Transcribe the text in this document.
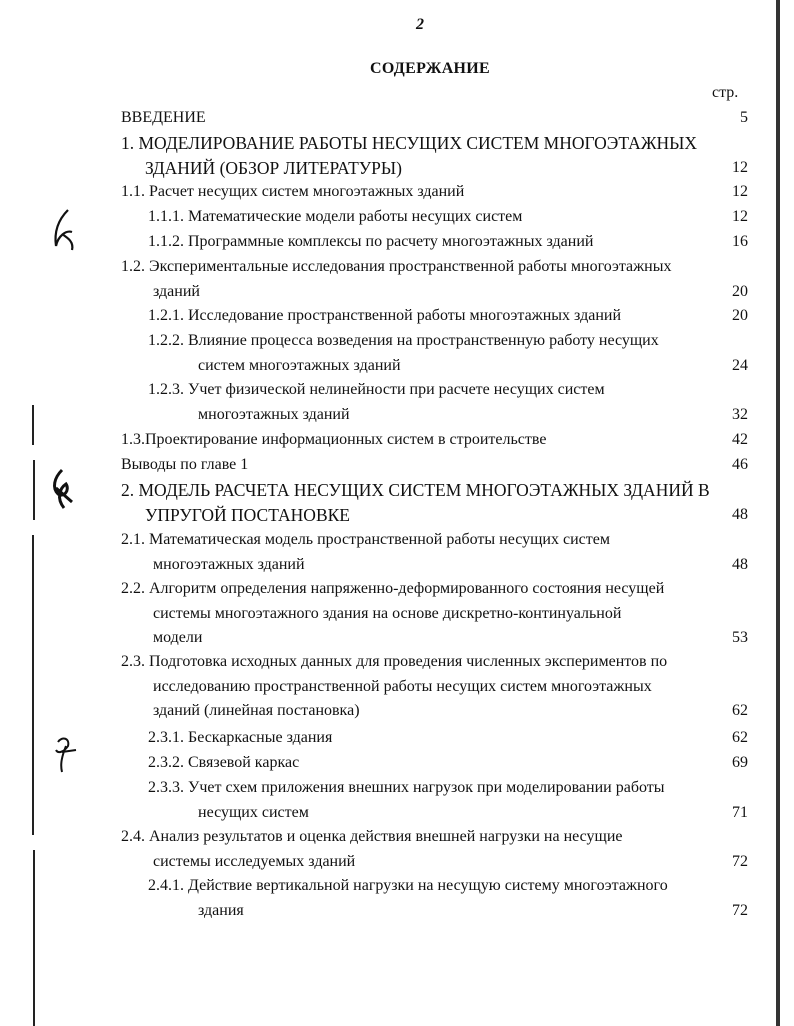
2
СОДЕРЖАНИЕ
стр.
ВВЕДЕНИЕ	5
1. МОДЕЛИРОВАНИЕ РАБОТЫ НЕСУЩИХ СИСТЕМ МНОГОЭТАЖНЫХ
ЗДАНИЙ (ОБЗОР ЛИТЕРАТУРЫ)	12
1.1. Расчет несущих систем многоэтажных зданий	12
1.1.1. Математические модели работы несущих систем	12
1.1.2. Программные комплексы по расчету многоэтажных зданий	16
1.2. Экспериментальные исследования пространственной работы многоэтажных
зданий	20
1.2.1. Исследование пространственной работы многоэтажных зданий	20
1.2.2. Влияние процесса возведения на пространственную работу несущих
систем многоэтажных зданий	24
1.2.3. Учет физической нелинейности при расчете несущих систем
многоэтажных зданий	32
1.3.Проектирование информационных систем в строительстве	42
Выводы по главе 1	46
2. МОДЕЛЬ РАСЧЕТА НЕСУЩИХ СИСТЕМ МНОГОЭТАЖНЫХ ЗДАНИЙ В
УПРУГОЙ ПОСТАНОВКЕ	48
2.1. Математическая модель пространственной работы несущих систем
многоэтажных зданий	48
2.2. Алгоритм определения напряженно-деформированного состояния несущей
системы многоэтажного здания на основе дискретно-континуальной
модели	53
2.3. Подготовка исходных данных для проведения численных экспериментов по
исследованию пространственной работы несущих систем многоэтажных
зданий (линейная постановка)	62
2.3.1. Бескаркасные здания	62
2.3.2. Связевой каркас	69
2.3.3. Учет схем приложения внешних нагрузок при моделировании работы
несущих систем	71
2.4. Анализ результатов и оценка действия внешней нагрузки на несущие
системы исследуемых зданий	72
2.4.1. Действие вертикальной нагрузки на несущую систему многоэтажного
здания	72
